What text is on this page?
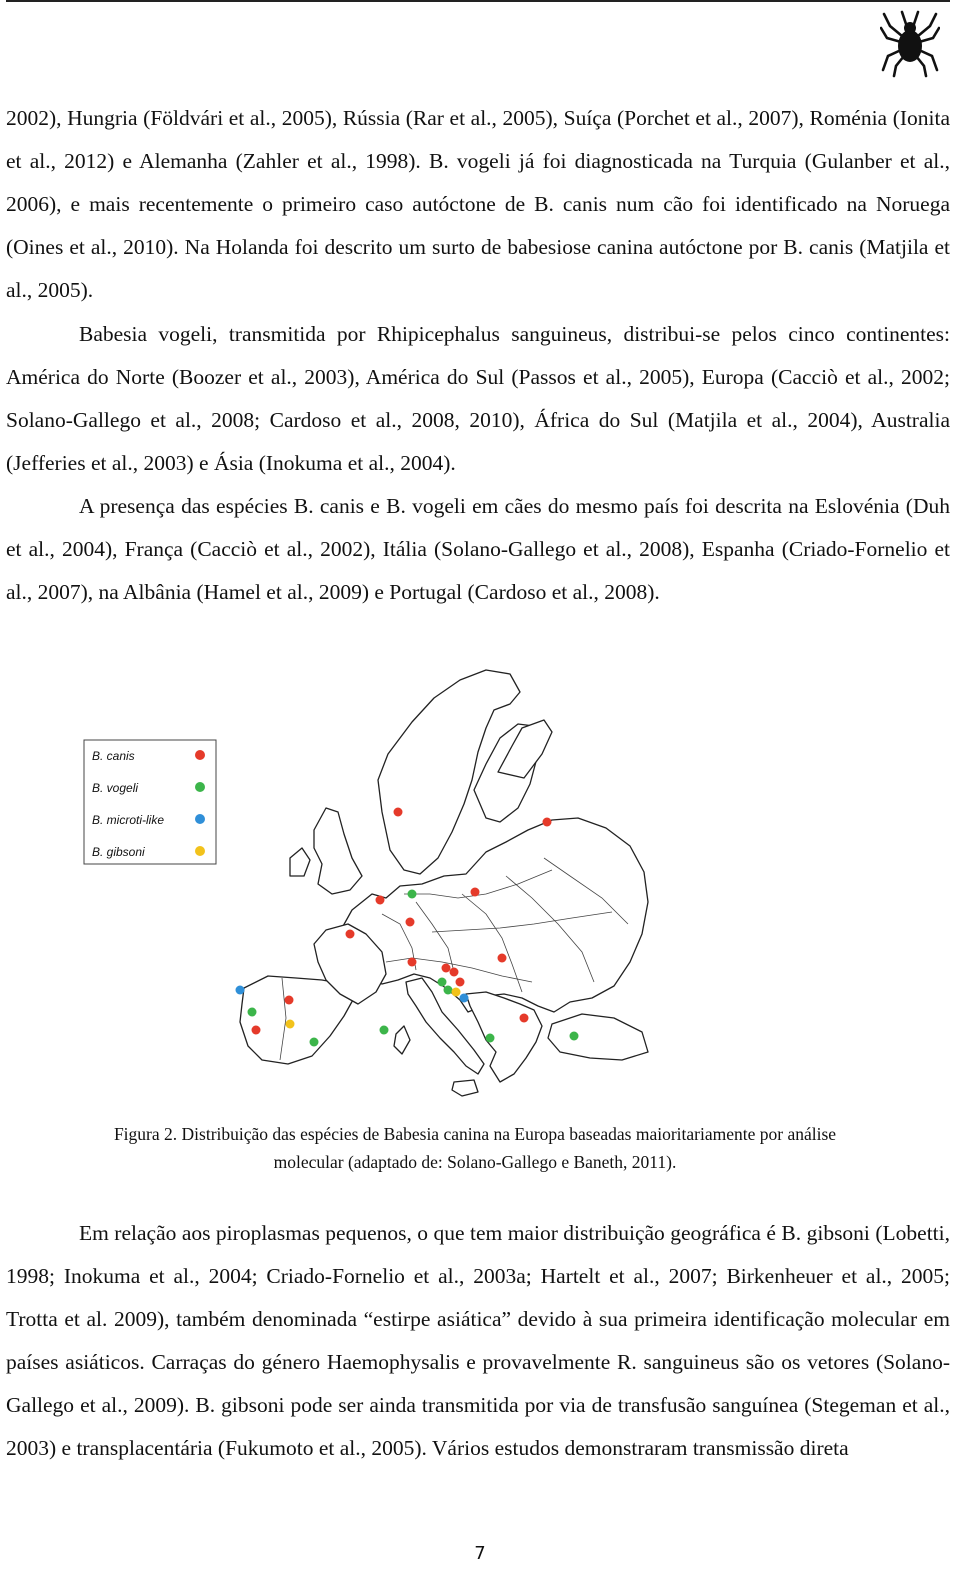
2002), Hungria (Földvári et al., 2005), Rússia (Rar et al., 2005), Suíça (Porchet et al., 2007), Roménia (Ionita et al., 2012) e Alemanha (Zahler et al., 1998). B. vogeli já foi diagnosticada na Turquia (Gulanber et al., 2006), e mais recentemente o primeiro caso autóctone de B. canis num cão foi identificado na Noruega (Oines et al., 2010). Na Holanda foi descrito um surto de babesiose canina autóctone por B. canis (Matjila et al., 2005).

Babesia vogeli, transmitida por Rhipicephalus sanguineus, distribui-se pelos cinco continentes: América do Norte (Boozer et al., 2003), América do Sul (Passos et al., 2005), Europa (Cacciò et al., 2002; Solano-Gallego et al., 2008; Cardoso et al., 2008, 2010), África do Sul (Matjila et al., 2004), Australia (Jefferies et al., 2003) e Ásia (Inokuma et al., 2004).

A presença das espécies B. canis e B. vogeli em cães do mesmo país foi descrita na Eslovénia (Duh et al., 2004), França (Cacciò et al., 2002), Itália (Solano-Gallego et al., 2008), Espanha (Criado-Fornelio et al., 2007), na Albânia (Hamel et al., 2009) e Portugal (Cardoso et al., 2008).

B. canis
B. vogeli
B. microti-like
B. gibsoni
Figura 2. Distribuição das espécies de Babesia canina na Europa baseadas maioritariamente por análise
molecular (adaptado de: Solano-Gallego e Baneth, 2011).

Em relação aos piroplasmas pequenos, o que tem maior distribuição geográfica é B. gibsoni (Lobetti, 1998; Inokuma et al., 2004; Criado-Fornelio et al., 2003a; Hartelt et al., 2007; Birkenheuer et al., 2005; Trotta et al. 2009), também denominada “estirpe asiática” devido à sua primeira identificação molecular em países asiáticos. Carraças do género Haemophysalis e provavelmente R. sanguineus são os vetores (Solano-Gallego et al., 2009). B. gibsoni pode ser ainda transmitida por via de transfusão sanguínea (Stegeman et al., 2003) e transplacentária (Fukumoto et al., 2005). Vários estudos demonstraram transmissão direta

7
